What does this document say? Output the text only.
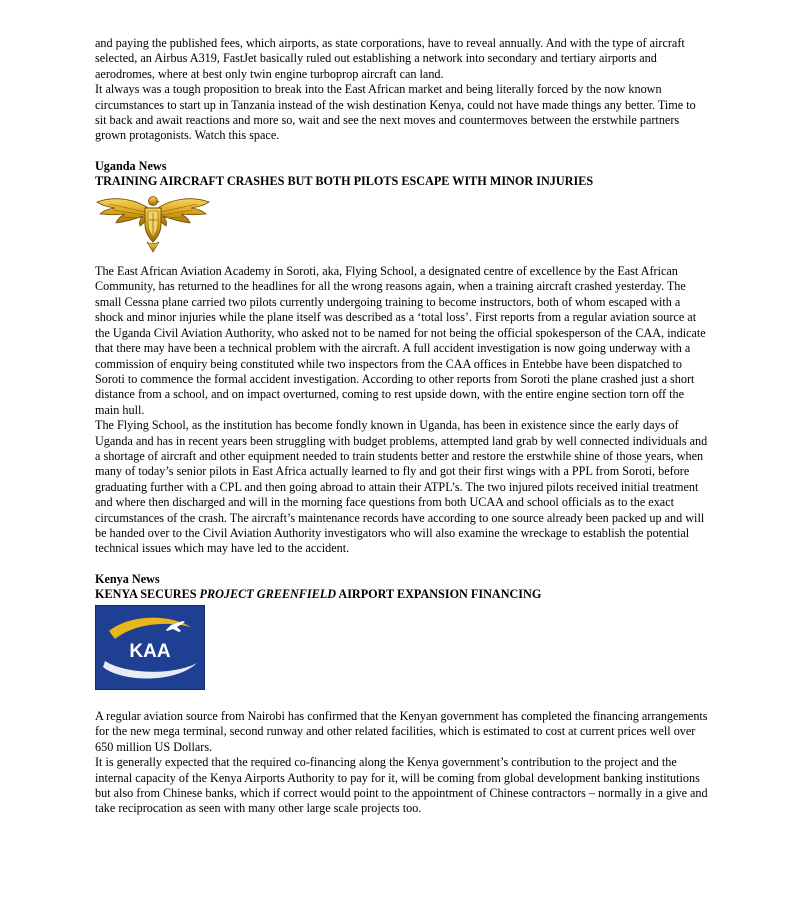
and paying the published fees, which airports, as state corporations, have to reveal annually. And with the type of aircraft selected, an Airbus A319, FastJet basically ruled out establishing a network into secondary and tertiary airports and aerodromes, where at best only twin engine turboprop aircraft can land.

It always was a tough proposition to break into the East African market and being literally forced by the now known circumstances to start up in Tanzania instead of the wish destination Kenya, could not have made things any better. Time to sit back and await reactions and more so, wait and see the next moves and countermoves between the erstwhile partners grown protagonists. Watch this space.

Uganda News

TRAINING AIRCRAFT CRASHES BUT BOTH PILOTS ESCAPE WITH MINOR INJURIES

The East African Aviation Academy in Soroti, aka, Flying School, a designated centre of excellence by the East African Community, has returned to the headlines for all the wrong reasons again, when a training aircraft crashed yesterday. The small Cessna plane carried two pilots currently undergoing training to become instructors, both of whom escaped with a shock and minor injuries while the plane itself was described as a ‘total loss’. First reports from a regular aviation source at the Uganda Civil Aviation Authority, who asked not to be named for not being the official spokesperson of the CAA, indicate that there may have been a technical problem with the aircraft. A full accident investigation is now going underway with a commission of enquiry being constituted while two inspectors from the CAA offices in Entebbe have been dispatched to Soroti to commence the formal accident investigation. According to other reports from Soroti the plane crashed just a short distance from a school, and on impact overturned, coming to rest upside down, with the entire engine section torn off the main hull.

The Flying School, as the institution has become fondly known in Uganda, has been in existence since the early days of Uganda and has in recent years been struggling with budget problems, attempted land grab by well connected individuals and a shortage of aircraft and other equipment needed to train students better and restore the erstwhile shine of those years, when many of today’s senior pilots in East Africa actually learned to fly and got their first wings with a PPL from Soroti, before graduating further with a CPL and then going abroad to attain their ATPL’s. The two injured pilots received initial treatment and where then discharged and will in the morning face questions from both UCAA and school officials as to the exact circumstances of the crash. The aircraft’s maintenance records have according to one source already been packed up and will be handed over to the Civil Aviation Authority investigators who will also examine the wreckage to establish the potential technical issues which may have led to the accident.

Kenya News

KENYA SECURES PROJECT GREENFIELD AIRPORT EXPANSION FINANCING

KAA

A regular aviation source from Nairobi has confirmed that the Kenyan government has completed the financing arrangements for the new mega terminal, second runway and other related facilities, which is estimated to cost at current prices well over 650 million US Dollars.

It is generally expected that the required co-financing along the Kenya government’s contribution to the project and the internal capacity of the Kenya Airports Authority to pay for it, will be coming from global development banking institutions but also from Chinese banks, which if correct would point to the appointment of Chinese contractors – normally in a give and take reciprocation as seen with many other large scale projects too.
